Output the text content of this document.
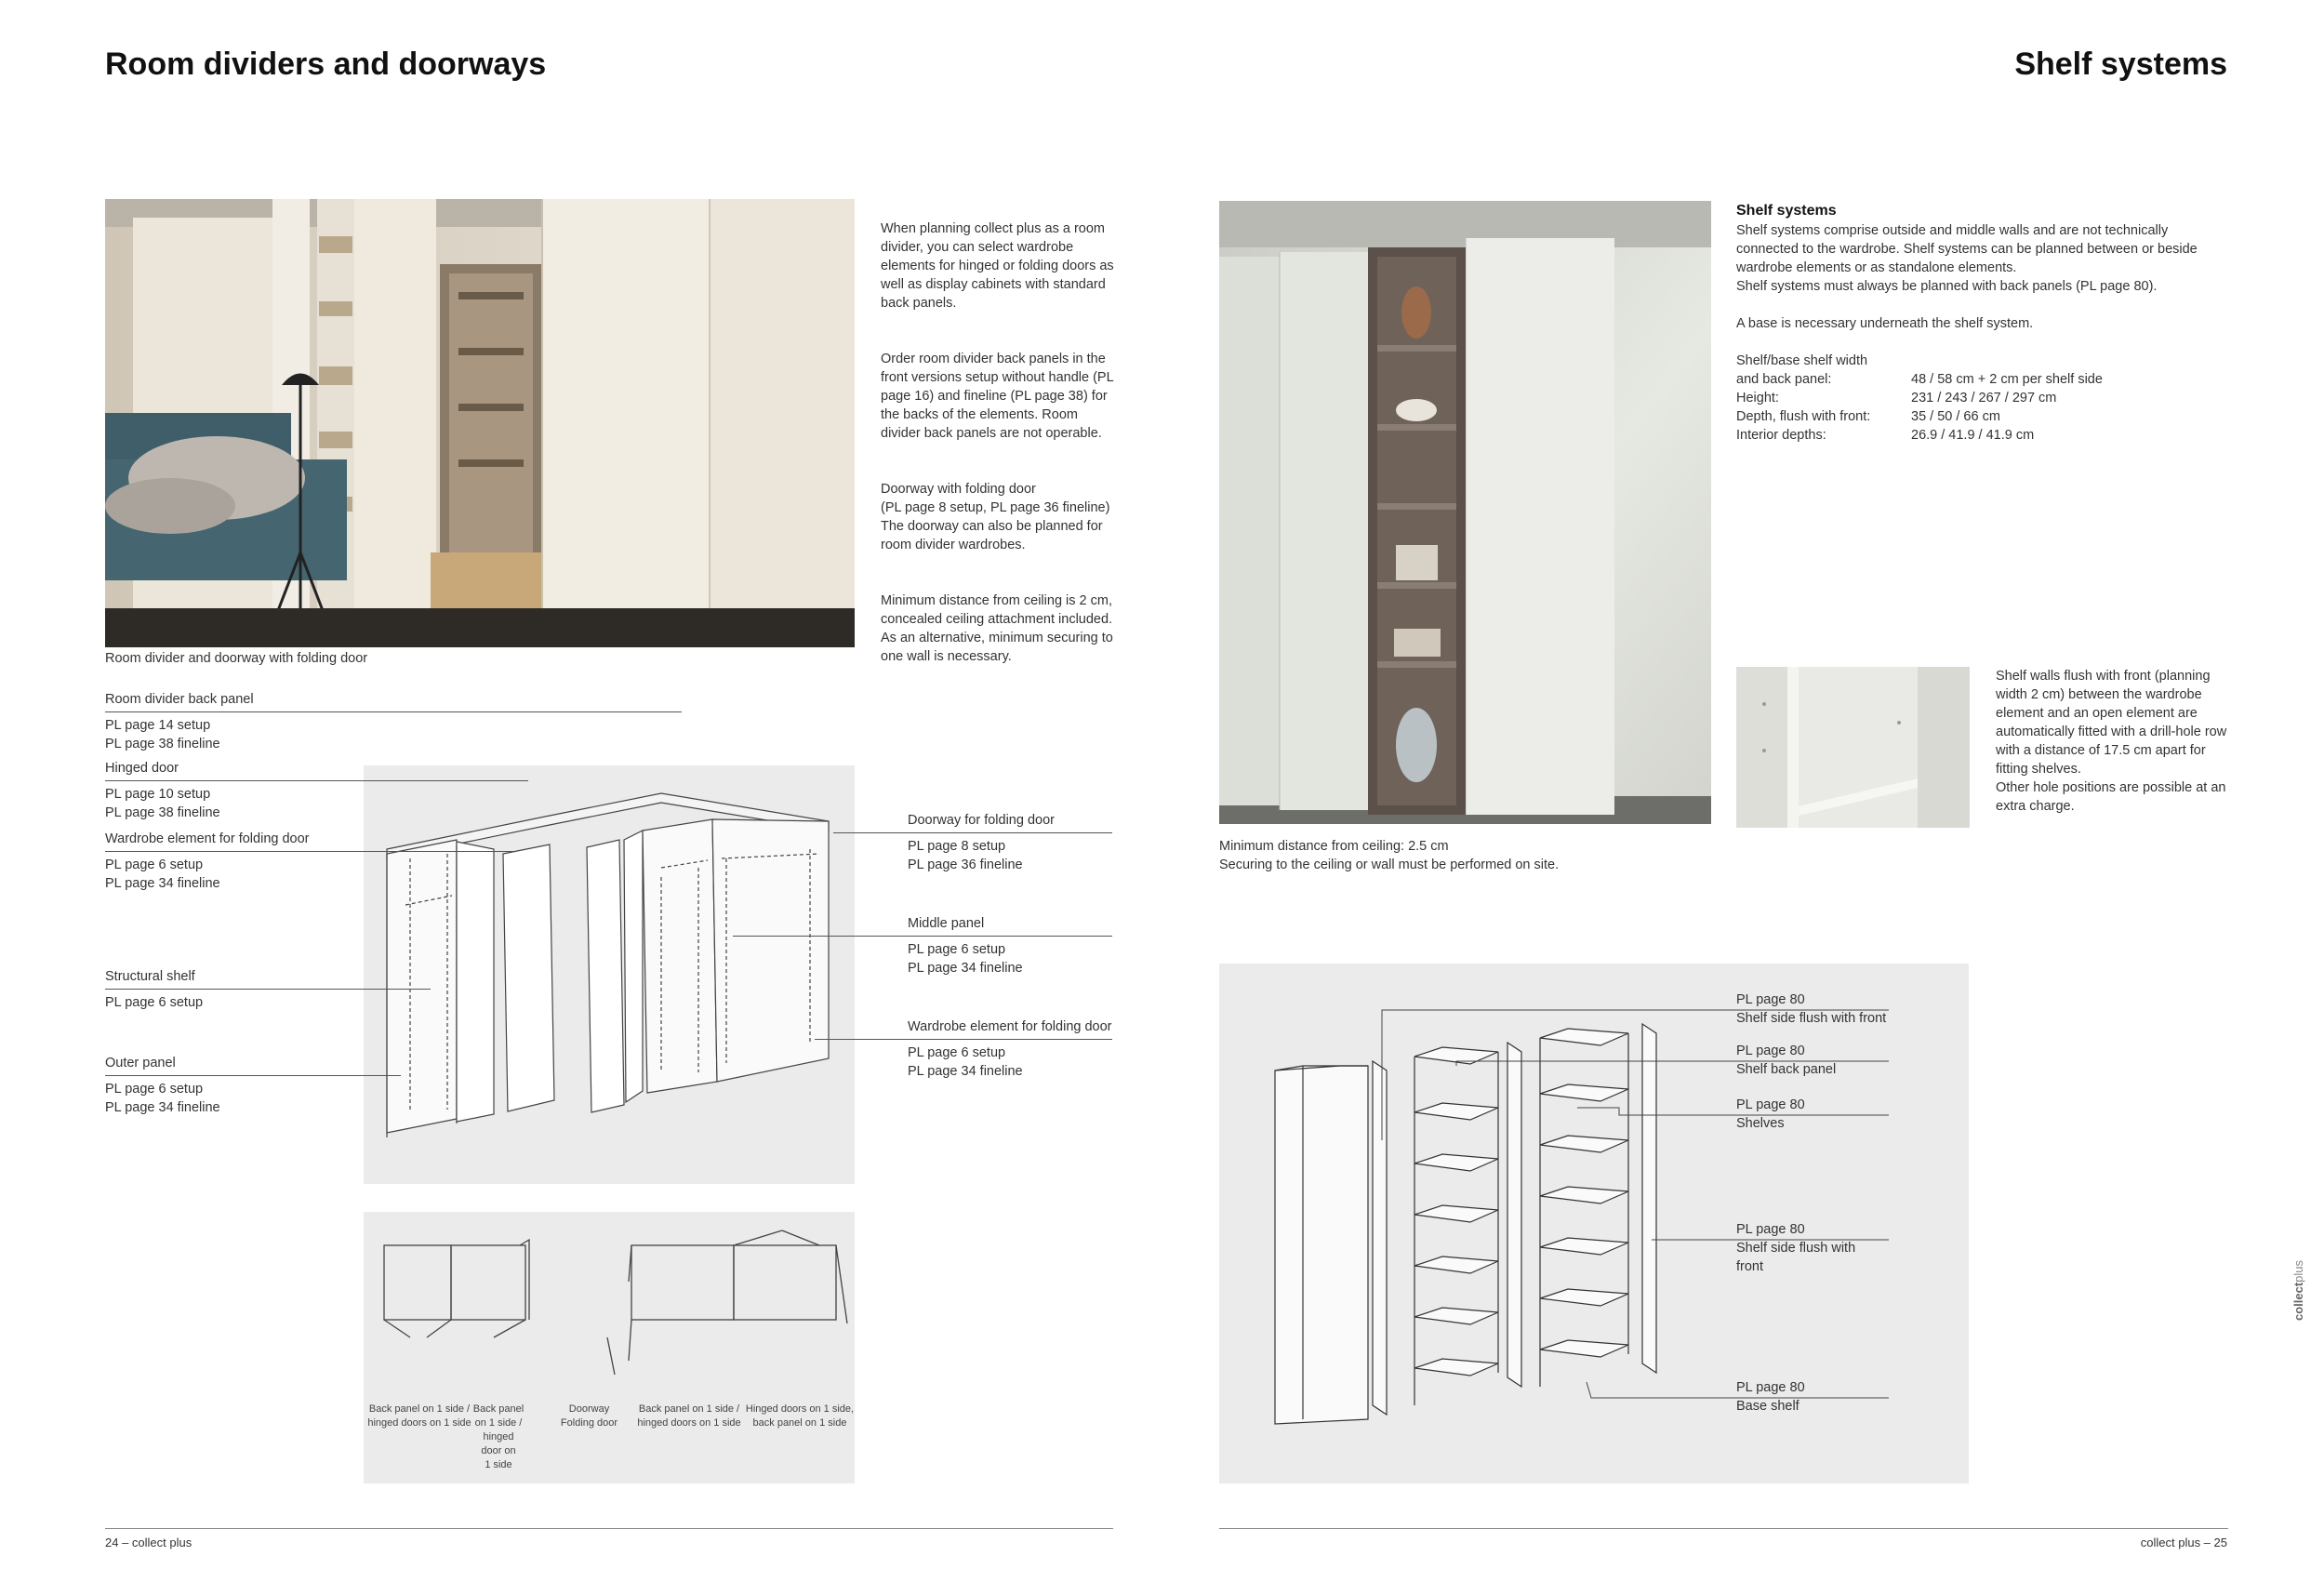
Room dividers and doorways
Room divider and doorway with folding door

When planning collect plus as a room divider, you can select wardrobe elements for hinged or folding doors as well as display cabinets with standard back panels.

Order room divider back panels in the front versions setup without handle (PL page 16) and fineline (PL page 38) for the backs of the elements. Room divider back panels are not operable.

Doorway with folding door
(PL page 8 setup, PL page 36 fineline)
The doorway can also be planned for room divider wardrobes.

Minimum distance from ceiling is 2 cm, concealed ceiling attachment included.
As an alternative, minimum securing to one wall is necessary.

Room divider back panel
PL page 14 setup
PL page 38 fineline
Hinged door
PL page 10 setup
PL page 38 fineline
Wardrobe element for folding door
PL page 6 setup
PL page 34 fineline
Structural shelf
PL page 6 setup
Outer panel
PL page 6 setup
PL page 34 fineline
Doorway for folding door
PL page 8 setup
PL page 36 fineline
Middle panel
PL page 6 setup
PL page 34 fineline
Wardrobe element for folding door
PL page 6 setup
PL page 34 fineline
Back panel on 1 side /
hinged doors on 1 side
Back panel
on 1 side /
hinged
door on
1 side
Doorway
Folding door
Back panel on 1 side /
hinged doors on 1 side
Hinged doors on 1 side,
back panel on 1 side
24 – collect plus
Shelf systems
Minimum distance from ceiling: 2.5 cm
Securing to the ceiling or wall must be performed on site.
Shelf systems

Shelf systems comprise outside and middle walls and are not technically connected to the wardrobe. Shelf systems can be planned between or beside wardrobe elements or as standalone elements.
Shelf systems must always be planned with back panels (PL page 80).

A base is necessary underneath the shelf system.

Shelf/base shelf width
and back panel:	48 / 58 cm + 2 cm per shelf side
Height:	231 / 243 / 267 / 297 cm
Depth, flush with front:	35 / 50 / 66 cm
Interior depths:	26.9 / 41.9 / 41.9 cm
Shelf walls flush with front (planning width 2 cm) between the wardrobe element and an open element are automatically fitted with a drill-hole row with a distance of 17.5 cm apart for fitting shelves.
Other hole positions are possible at an extra charge.
PL page 80
Shelf side flush with front
PL page 80
Shelf back panel
PL page 80
Shelves
PL page 80
Shelf side flush with
front
PL page 80
Base shelf
collectplus
collect plus – 25
